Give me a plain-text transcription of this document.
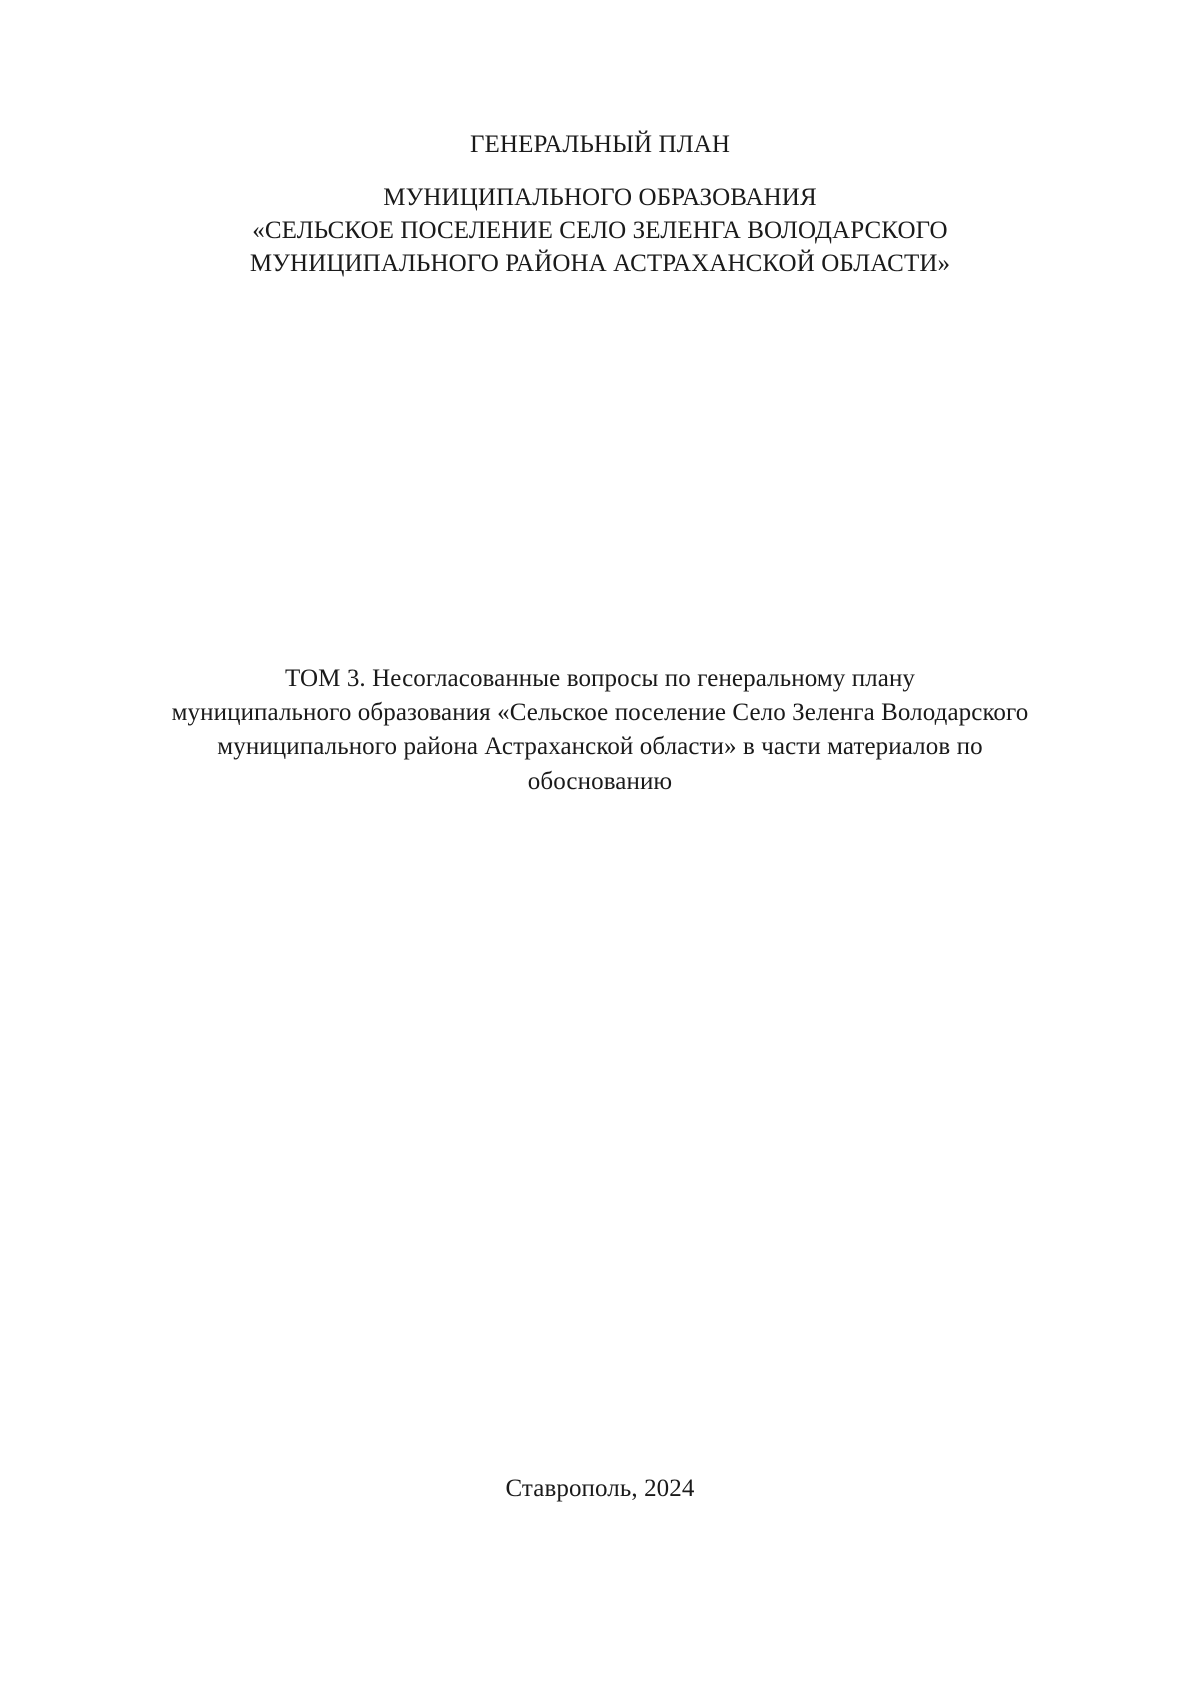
ГЕНЕРАЛЬНЫЙ ПЛАН
МУНИЦИПАЛЬНОГО ОБРАЗОВАНИЯ
«СЕЛЬСКОЕ ПОСЕЛЕНИЕ СЕЛО ЗЕЛЕНГА ВОЛОДАРСКОГО
МУНИЦИПАЛЬНОГО РАЙОНА АСТРАХАНСКОЙ ОБЛАСТИ»
ТОМ 3. Несогласованные вопросы по генеральному плану
муниципального образования «Сельское поселение Село Зеленга Володарского
муниципального района Астраханской области» в части материалов по
обоснованию
Ставрополь, 2024
